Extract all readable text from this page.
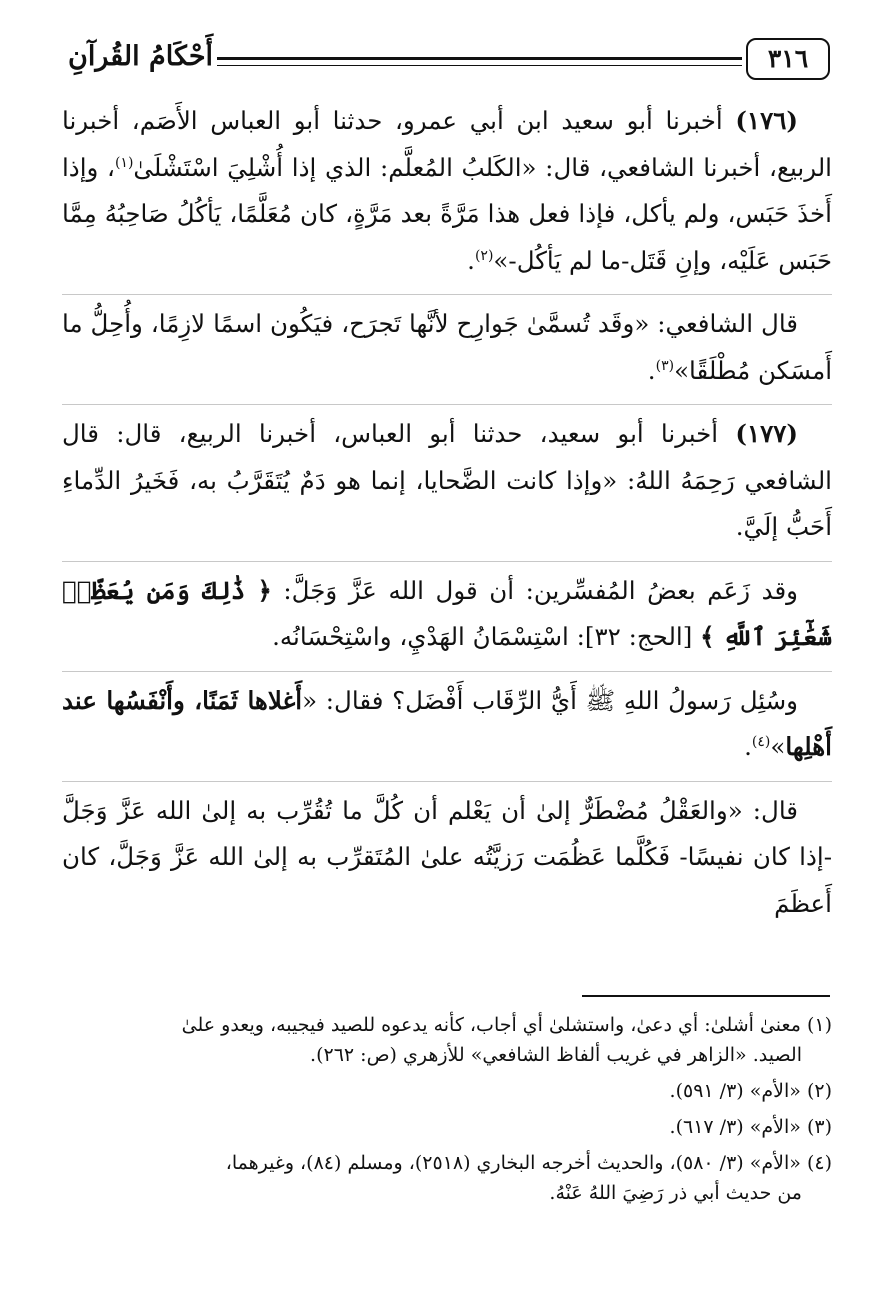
٣١٦
أَحْكَامُ القُرآنِ

(١٧٦) أخبرنا أبو سعيد ابن أبي عمرو، حدثنا أبو العباس الأَصَم، أخبرنا الربيع، أخبرنا الشافعي، قال: «الكَلبُ المُعلَّم: الذي إذا أُشْلِيَ اسْتَشْلَىٰ$^{(١)}$، وإذا أَخذَ حَبَس، ولم يأكل، فإذا فعل هذا مَرَّةً بعد مَرَّةٍ، كان مُعَلَّمًا، يَأكُلُ صَاحِبُهُ مِمَّا حَبَس عَلَيْه، وإنِ قَتَل-ما لم يَأكُل-»$^{(٢)}$.

قال الشافعي: «وقَد تُسمَّىٰ جَوارِح لأنَّها تَجرَح، فيَكُون اسمًا لازِمًا، وأُحِلُّ ما أَمسَكن مُطْلَقًا»$^{(٣)}$.

(١٧٧) أخبرنا أبو سعيد، حدثنا أبو العباس، أخبرنا الربيع، قال: قال الشافعي رَحِمَهُ اللهُ: «وإذا كانت الضَّحايا، إنما هو دَمٌ يُتَقَرَّبُ به، فَخَيرُ الدِّماءِ أَحَبُّ إلَيَّ.

وقد زَعَم بعضُ المُفسِّرين: أن قول الله عَزَّ وَجَلَّ: ﴿ ذَٰلِكَ وَمَن يُعَظِّمۡ شَعَٰٓئِرَ ٱللَّهِ ﴾ [الحج: ٣٢]: اسْتِسْمَانُ الهَدْيِ، واسْتِحْسَانُه.

وسُئِل رَسولُ اللهِ ﷺ أَيُّ الرِّقَاب أَفْضَل؟ فقال: «أَغلاها ثَمَنًا، وأَنْفَسُها عند أَهْلِها»$^{(٤)}$.

قال: «والعَقْلُ مُضْطَرٌّ إلىٰ أن يَعْلم أن كُلَّ ما تُقُرِّب به إلىٰ الله عَزَّ وَجَلَّ -إذا كان نفيسًا- فَكُلَّما عَظُمَت رَزيَّتُه علىٰ المُتَقرِّب به إلىٰ الله عَزَّ وَجَلَّ، كان أَعظَمَ

(١) معنىٰ أشلىٰ: أي دعىٰ، واستشلىٰ أي أجاب، كأنه يدعوه للصيد فيجيبه، ويعدو علىٰ
الصيد. «الزاهر في غريب ألفاظ الشافعي» للأزهري (ص: ٢٦٢).

(٢) «الأم» (٣/ ٥٩١).

(٣) «الأم» (٣/ ٦١٧).

(٤) «الأم» (٣/ ٥٨٠)، والحديث أخرجه البخاري (٢٥١٨)، ومسلم (٨٤)، وغيرهما،
من حديث أبي ذر رَضِيَ اللهُ عَنْهُ.
